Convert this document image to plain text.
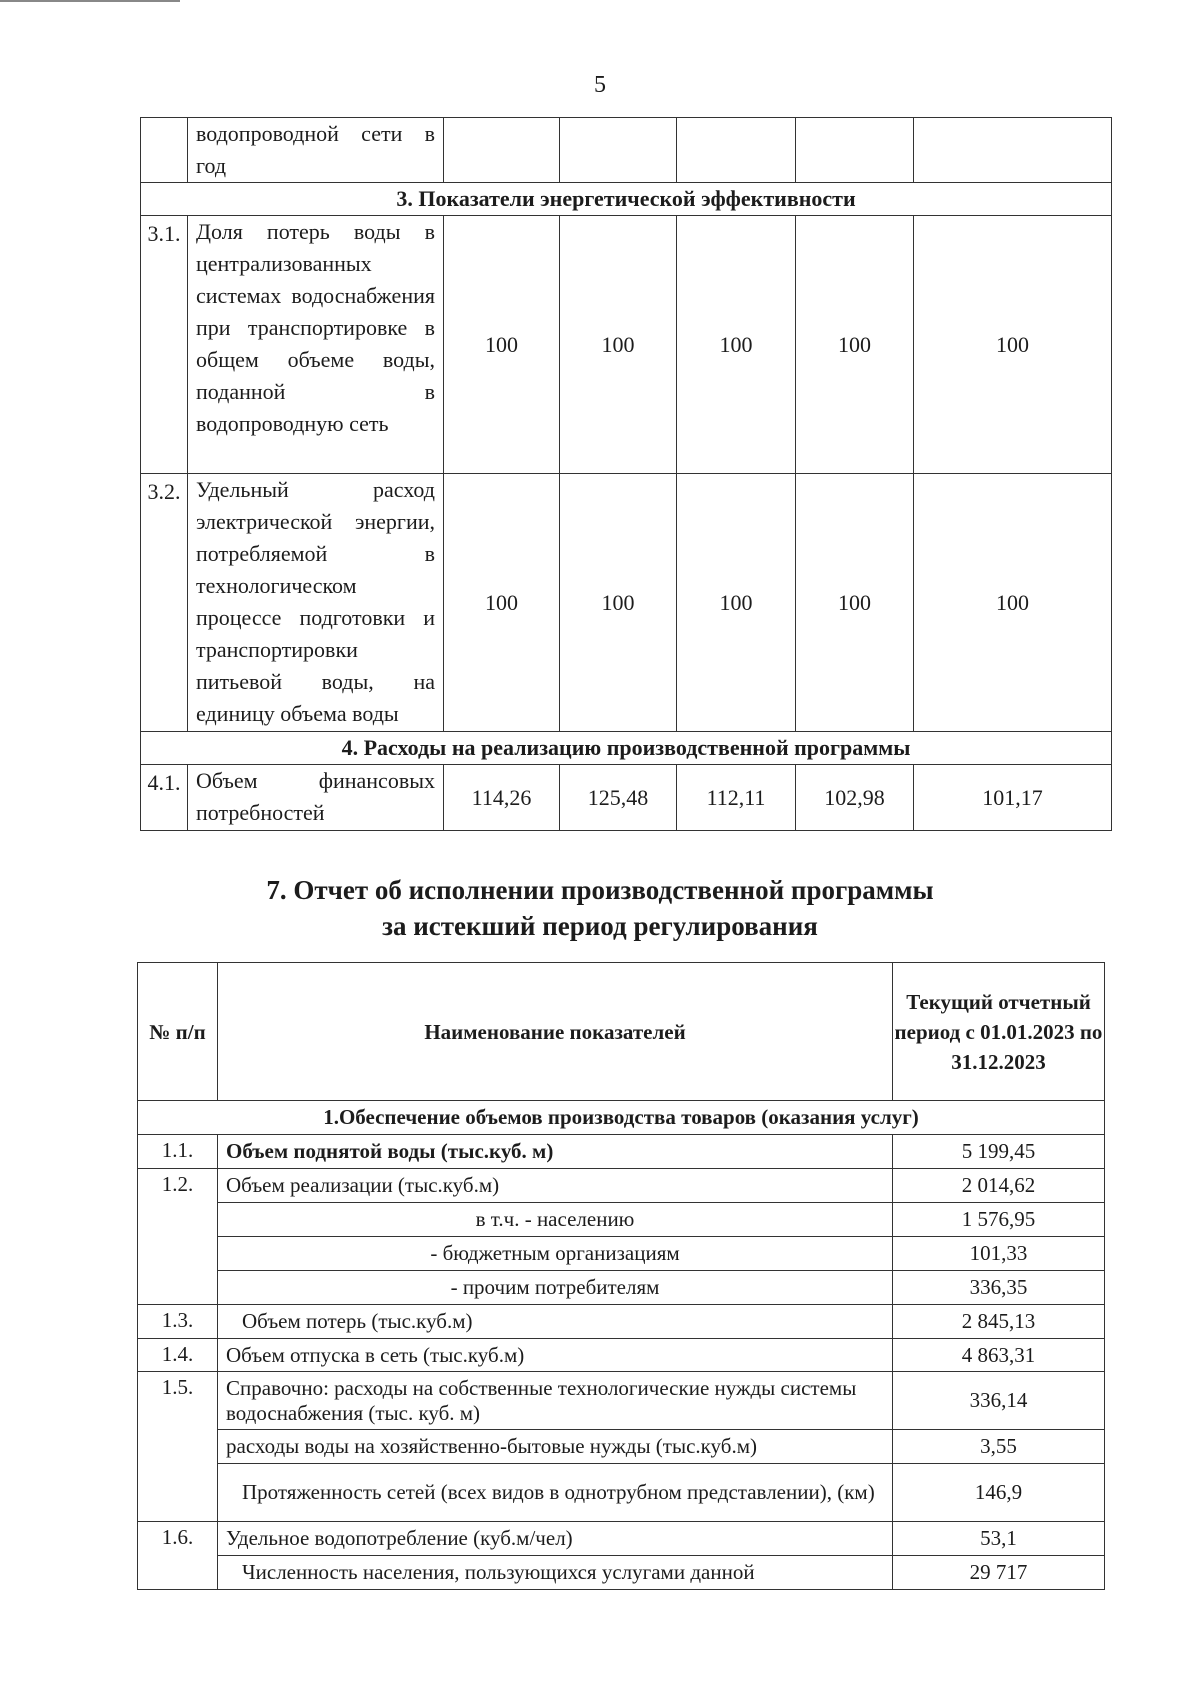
5
	водопроводной сети в год					
3. Показатели энергетической эффективности						
3.1.	Доля потерь воды в централизованных системах водоснабжения при транспортировке в общем объеме воды, поданной в водопроводную сеть	100	100	100	100	100
3.2.	Удельный расход электрической энергии, потребляемой в технологическом процессе подготовки и транспортировки питьевой воды, на единицу объема воды	100	100	100	100	100
4. Расходы на реализацию производственной программы						
4.1.	Объем финансовых потребностей	114,26	125,48	112,11	102,98	101,17
7. Отчет об исполнении производственной программы
за истекший период регулирования
№ п/п	Наименование показателей	Текущий отчетный период с 01.01.2023 по 31.12.2023
1.Обеспечение объемов производства товаров (оказания услуг)		
1.1.	Объем поднятой воды (тыс.куб. м)	5 199,45
1.2.	Объем реализации (тыс.куб.м)	2 014,62
	в т.ч. - населению	1 576,95
	- бюджетным организациям	101,33
	- прочим потребителям	336,35
1.3.	Объем потерь (тыс.куб.м)	2 845,13
1.4.	Объем отпуска в сеть (тыс.куб.м)	4 863,31
1.5.	Справочно: расходы на собственные технологические нужды системы водоснабжения (тыс. куб. м)	336,14
	расходы воды на хозяйственно-бытовые нужды (тыс.куб.м)	3,55
	Протяженность сетей (всех видов в однотрубном представлении), (км)	146,9
1.6.	Удельное водопотребление (куб.м/чел)	53,1
	Численность населения, пользующихся услугами данной	29 717
